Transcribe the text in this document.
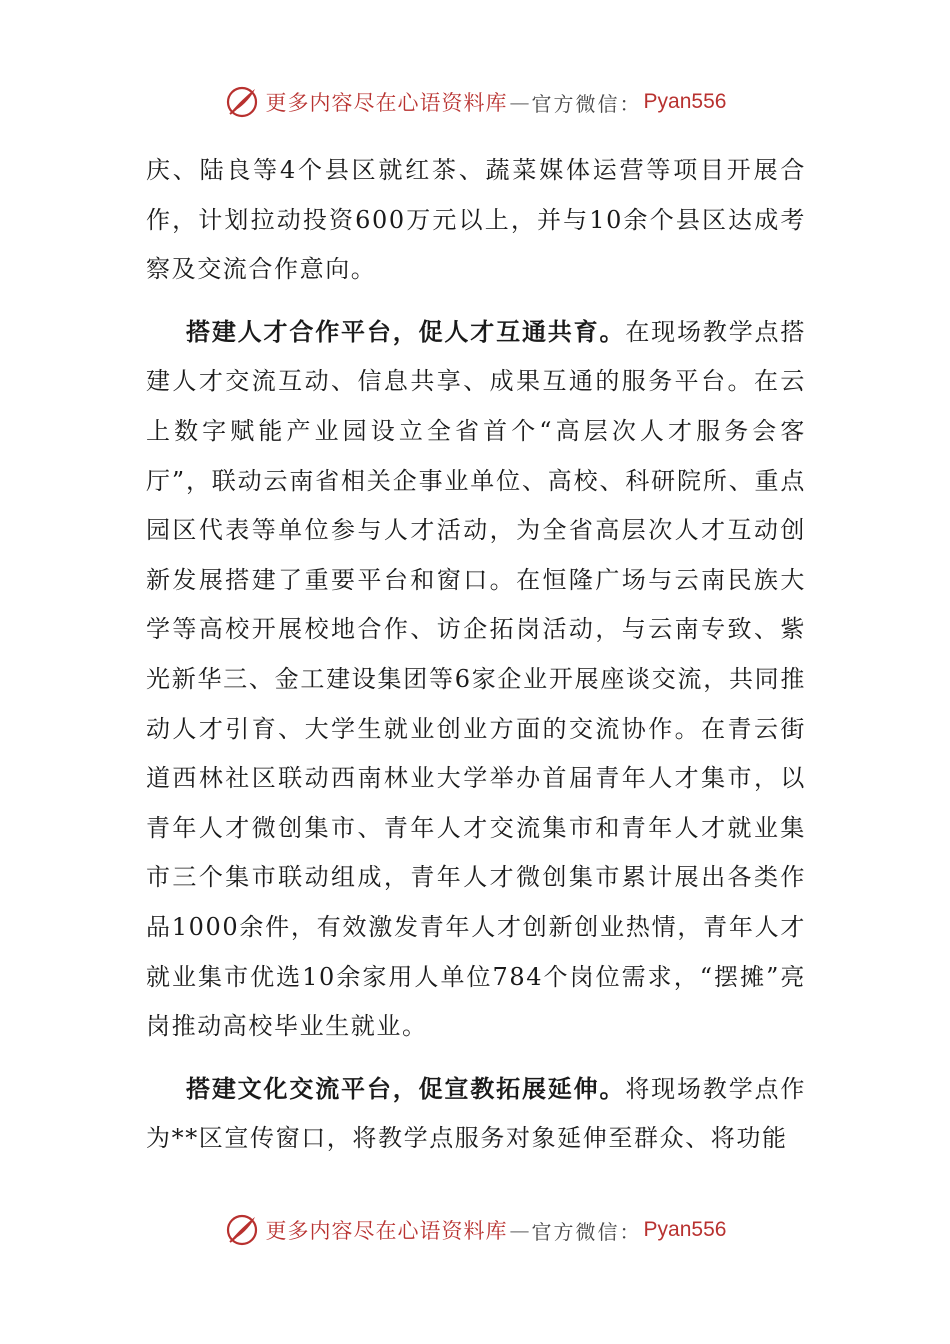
更多内容尽在心语资料库 — 官方微信： Pyan556

庆、陆良等4个县区就红茶、蔬菜媒体运营等项目开展合作，计划拉动投资600万元以上，并与10余个县区达成考察及交流合作意向。

搭建人才合作平台，促人才互通共育。在现场教学点搭建人才交流互动、信息共享、成果互通的服务平台。在云上数字赋能产业园设立全省首个“高层次人才服务会客厅”，联动云南省相关企事业单位、高校、科研院所、重点园区代表等单位参与人才活动，为全省高层次人才互动创新发展搭建了重要平台和窗口。在恒隆广场与云南民族大学等高校开展校地合作、访企拓岗活动，与云南专致、紫光新华三、金工建设集团等6家企业开展座谈交流，共同推动人才引育、大学生就业创业方面的交流协作。在青云街道西林社区联动西南林业大学举办首届青年人才集市，以青年人才微创集市、青年人才交流集市和青年人才就业集市三个集市联动组成，青年人才微创集市累计展出各类作品1000余件，有效激发青年人才创新创业热情，青年人才就业集市优选10余家用人单位784个岗位需求，“摆摊”亮岗推动高校毕业生就业。

搭建文化交流平台，促宣教拓展延伸。将现场教学点作为**区宣传窗口，将教学点服务对象延伸至群众、将功能

更多内容尽在心语资料库 — 官方微信： Pyan556
